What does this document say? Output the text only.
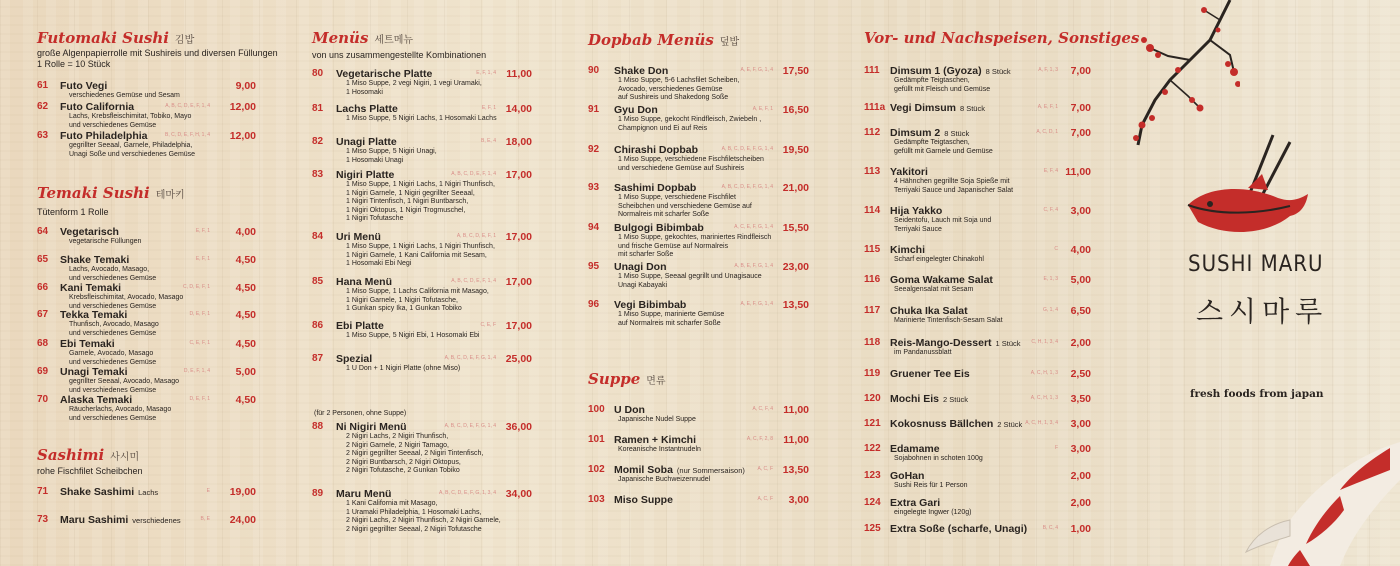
SUSHI MARU
스시마루
fresh foods from japan
Futomaki Sushi 김밥
große Algenpapierrolle mit Sushireis und diversen Füllungen
1 Rolle = 10 Stück
61 Futo Vegi	9,00
verschiedenes Gemüse und Sesam
62 Futo California	A, B, C, D, E, F, 1, 4	12,00
Lachs, Krebsfleischimitat, Tobiko, Mayo
und verschiedenes Gemüse
63 Futo Philadelphia	B, C, D, E, F, H, 1, 4	12,00
gegrillter Seeaal, Garnele, Philadelphia,
Unagi Soße und verschiedenes Gemüse
Temaki Sushi 테마키
Tütenform 1 Rolle
64 Vegetarisch	E, F, 1	4,00
vegetarische Füllungen
65 Shake Temaki	E, F, 1	4,50
Lachs, Avocado, Masago,
und verschiedenes Gemüse
66 Kani Temaki	C, D, E, F, 1	4,50
Krebsfleischimitat, Avocado, Masago
und verschiedenes Gemüse
67 Tekka Temaki	D, E, F, 1	4,50
Thunfisch, Avocado, Masago
und verschiedenes Gemüse
68 Ebi Temaki	C, E, F, 1	4,50
Garnele, Avocado, Masago
und verschiedenes Gemüse
69 Unagi Temaki	D, E, F, 1, 4	5,00
gegrillter Seeaal, Avocado, Masago
und verschiedenes Gemüse
70 Alaska Temaki	D, E, F, 1	4,50
Räucherlachs, Avocado, Masago
und verschiedenes Gemüse
Sashimi 사시미
rohe Fischfilet Scheibchen
71 Shake Sashimi Lachs	E	19,00
73 Maru Sashimi verschiedenes	B, E	24,00
Menüs 세트메뉴
von uns zusammengestellte Kombinationen
(für 2 Personen, ohne Suppe)
80 Vegetarische Platte	E, F, 1, 4 11,00
1 Miso Suppe, 2 vegi Nigiri, 1 vegi Uramaki,
1 Hosomaki
81 Lachs Platte	E, F, 1 14,00
1 Miso Suppe, 5 Nigiri Lachs, 1 Hosomaki Lachs
82 Unagi Platte	B, E, 4 18,00
1 Miso Suppe, 5 Nigiri Unagi,
1 Hosomaki Unagi
83 Nigiri Platte	A, B, C, D, E, F, 1, 4 17,00
1 Miso Suppe, 1 Nigiri Lachs, 1 Nigiri Thunfisch,
1 Nigiri Garnele, 1 Nigiri gegrillter Seeaal,
1 Nigiri Tintenfisch, 1 Nigiri Buntbarsch,
1 Nigiri Oktopus, 1 Nigiri Trogmuschel,
1 Nigiri Tofutasche
84 Uri Menü	A, B, C, D, E, F, 1 17,00
1 Miso Suppe, 1 Nigiri Lachs, 1 Nigiri Thunfisch,
1 Nigiri Garnele, 1 Kani California mit Sesam,
1 Hosomaki Ebi Negi
85 Hana Menü	A, B, C, D, E, F, 1, 4 17,00
1 Miso Suppe, 1 Lachs California mit Masago,
1 Nigiri Garnele, 1 Nigiri Tofutasche,
1 Gunkan spicy Ika, 1 Gunkan Tobiko
86 Ebi Platte	C, E, F 17,00
1 Miso Suppe, 5 Nigiri Ebi, 1 Hosomaki Ebi
87 Spezial	A, B, C, D, E, F, G, 1, 4 25,00
1 U Don + 1 Nigiri Platte (ohne Miso)
88 Ni Nigiri Menü	A, B, C, D, E, F, G, 1, 4 36,00
2 Nigiri Lachs, 2 Nigiri Thunfisch,
2 Nigiri Garnele, 2 Nigiri Tamago,
2 Nigiri gegrillter Seeaal, 2 Nigiri Tintenfisch,
2 Nigiri Buntbarsch, 2 Nigiri Oktopus,
2 Nigiri Tofutasche, 2 Gunkan Tobiko
89 Maru Menü	A, B, C, D, E, F, G, 1, 3, 4 34,00
1 Kani California mit Masago,
1 Uramaki Philadelphia, 1 Hosomaki Lachs,
2 Nigiri Lachs, 2 Nigiri Thunfisch, 2 Nigiri Garnele,
2 Nigiri gegrillter Seeaal, 2 Nigiri Tofutasche
Dopbab Menüs 덮밥
90 Shake Don	A, E, F, G, 1, 4 17,50
1 Miso Suppe, 5-6 Lachsfilet Scheiben,
Avocado, verschiedenes Gemüse
auf Sushireis und Shakedong Soße
91 Gyu Don	A, E, F, 1 16,50
1 Miso Suppe, gekocht Rindfleisch, Zwiebeln ,
Champignon und Ei auf Reis
92 Chirashi Dopbab	A, B, C, D, E, F, G, 1, 4 19,50
1 Miso Suppe, verschiedene Fischfiletscheiben
und verschiedene Gemüse auf Sushireis
93 Sashimi Dopbab	A, B, C, D, E, F, G, 1, 4 21,00
1 Miso Suppe, verschiedene Fischfilet
Scheibchen und verschiedene Gemüse auf
Normalreis mit scharfer Soße
94 Bulgogi Bibimbab	A, C, E, F, G, 1, 4 15,50
1 Miso Suppe, gekochtes, mariniertes Rindfleisch
und frische Gemüse auf Normalreis
mit scharfer Soße
95 Unagi Don	A, B, E, F, G, 1, 4 23,00
1 Miso Suppe, Seeaal gegrillt und Unagisauce
Unagi Kabayaki
96 Vegi Bibimbab	A, E, F, G, 1, 4 13,50
1 Miso Suppe, marinierte Gemüse
auf Normalreis mit scharfer Soße
Suppe 면류
100 U Don	A, C, F, 4 11,00
Japanische Nudel Suppe
101 Ramen + Kimchi	A, C, F, 2, 8 11,00
Koreanische Instantnudeln
102 Momil Soba (nur Sommersaison)	A, C, F 13,50
Japanische Buchweizennudel
103 Miso Suppe	A, C, F	3,00
Vor- und Nachspeisen, Sonstiges
111 Dimsum 1 (Gyoza) 8 Stück	A, F, 1, 3	7,00
Gedämpfte Teigtaschen,
gefüllt mit Fleisch und Gemüse
111a Vegi Dimsum 8 Stück	A, E, F, 1	7,00
112 Dimsum 2 8 Stück	A, C, D, 1	7,00
Gedämpfte Teigtaschen,
gefüllt mit Garnele und Gemüse
113 Yakitori	E, F, 4 11,00
4 Hähnchen gegrillte Soja Spieße mit
Terriyaki Sauce und Japanischer Salat
114 Hija Yakko	C, F, 4	3,00
Seidentofu, Lauch mit Soja und
Terriyaki Sauce
115 Kimchi	C	4,00
Scharf eingelegter Chinakohl
116 Goma Wakame Salat	E, 1, 3	5,00
Seealgensalat mit Sesam
117 Chuka Ika Salat	G, 1, 4	6,50
Marinierte Tintenfisch-Sesam Salat
118 Reis-Mango-Dessert 1 Stück C, H, 1, 3, 4	2,00
im Pandanussblatt
119 Gruener Tee Eis	A, C, H, 1, 3	2,50
120 Mochi Eis 2 Stück	A, C, H, 1, 3	3,50
121 Kokosnuss Bällchen 2 Stück A, C, H, 1, 3, 4	3,00
122 Edamame	F	3,00
Sojabohnen in schoten 100g
123 GoHan	2,00
Sushi Reis für 1 Person
124 Extra Gari	2,00
eingelegte Ingwer (120g)
125 Extra Soße (scharfe, Unagi)	B, C, 4	1,00
